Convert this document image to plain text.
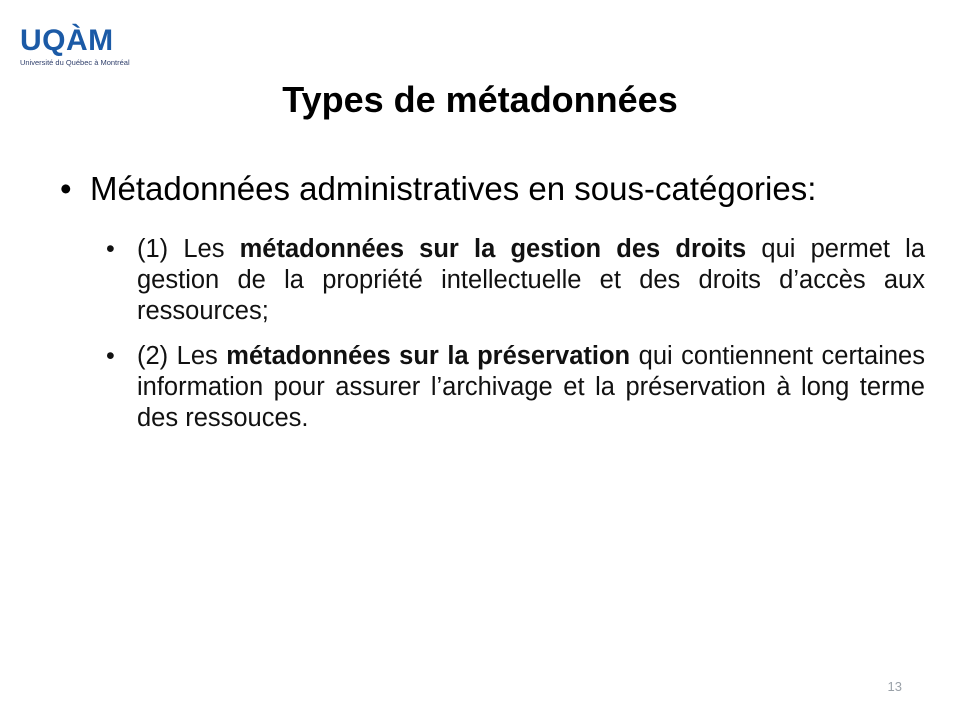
UQÀM
Université du Québec à Montréal
Types de métadonnées
• Métadonnées administratives en sous-catégories:
• (1) Les métadonnées sur la gestion des droits qui permet la gestion de la propriété intellectuelle et des droits d’accès aux ressources;
• (2) Les métadonnées sur la préservation qui contiennent certaines information pour assurer l’archivage et la préservation à long terme des ressouces.
13
